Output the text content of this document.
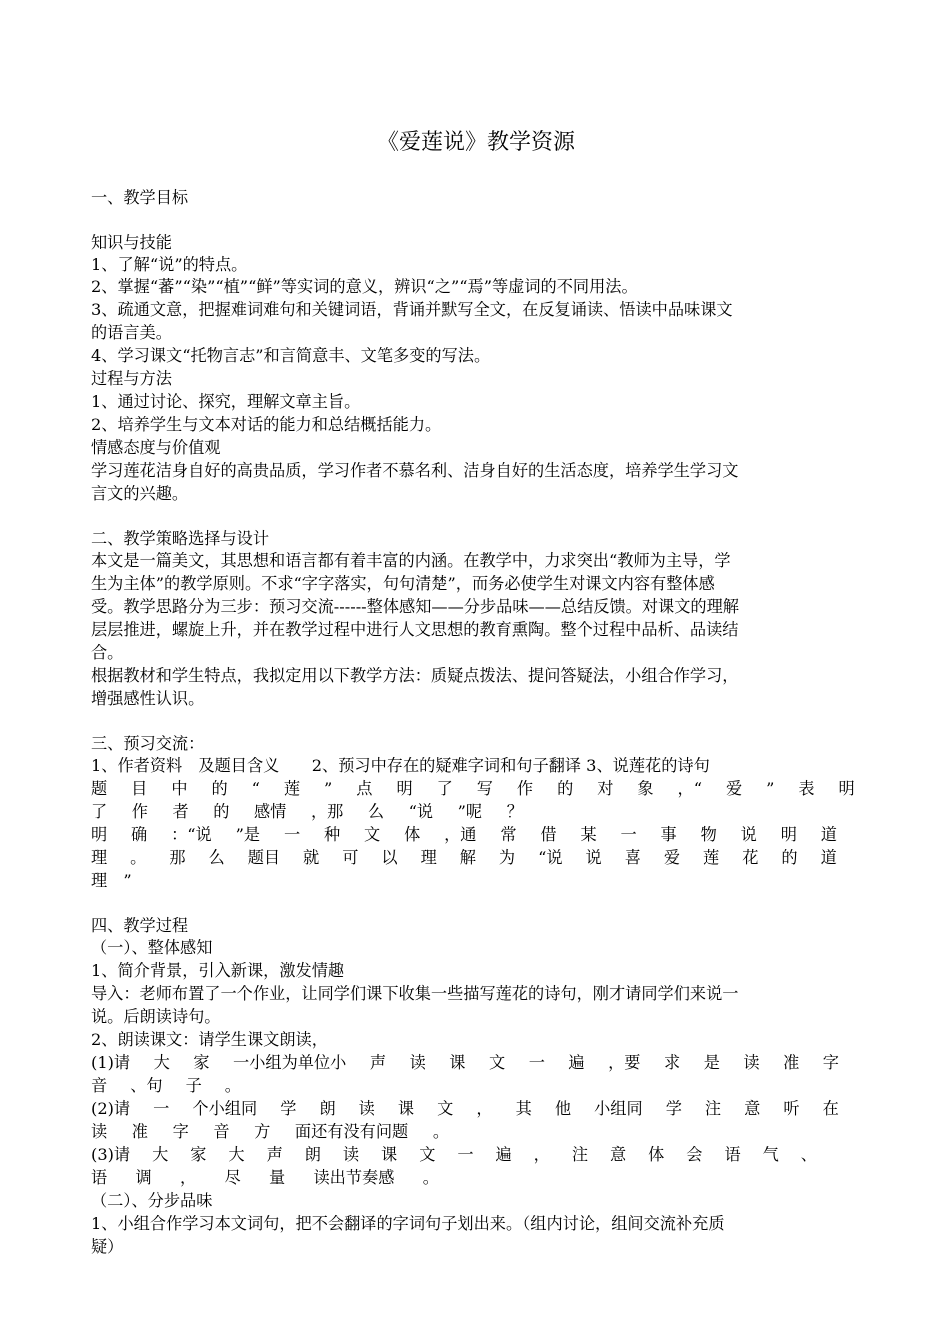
《爱莲说》教学资源
一、教学目标
知识与技能
1、了解“说”的特点。
2、掌握“蕃”“染”“植”“鲜”等实词的意义，辨识“之”“焉”等虚词的不同用法。
3、疏通文意，把握难词难句和关键词语，背诵并默写全文，在反复诵读、悟读中品味课文
的语言美。
4、学习课文“托物言志”和言简意丰、文笔多变的写法。
过程与方法
1、通过讨论、探究，理解文章主旨。
2、培养学生与文本对话的能力和总结概括能力。
情感态度与价值观
学习莲花洁身自好的高贵品质，学习作者不慕名利、洁身自好的生活态度，培养学生学习文
言文的兴趣。
二、教学策略选择与设计
本文是一篇美文，其思想和语言都有着丰富的内涵。在教学中，力求突出“教师为主导，学
生为主体”的教学原则。不求“字字落实，句句清楚”，而务必使学生对课文内容有整体感
受。教学思路分为三步：预习交流------整体感知——分步品味——总结反馈。对课文的理解
层层推进，螺旋上升，并在教学过程中进行人文思想的教育熏陶。整个过程中品析、品读结
合。
根据教材和学生特点，我拟定用以下教学方法：质疑点拨法、提问答疑法，小组合作学习，
增强感性认识。
三、预习交流：
1、作者资料　及题目含义　　2、预习中存在的疑难字词和句子翻译 3、说莲花的诗句
题 目 中 的 “ 莲 ” 点 明 了 写 作 的 对 象 ，“ 爱 ” 表 明
了 作 者 的 感情 ，那 么 “说 ”呢 ？
明 确 ：“说 ”是 一 种 文 体 ，通 常 借 某 一 事 物 说 明 道
理 。 那 么 题目 就 可 以 理 解 为 “说 说 喜 爱 莲 花 的 道
理　”
四、教学过程
（一）、整体感知
1、简介背景，引入新课，激发情趣
导入：老师布置了一个作业，让同学们课下收集一些描写莲花的诗句，刚才请同学们来说一
说。后朗读诗句。
2、朗读课文：请学生课文朗读，
(1)请 大 家 一小组为单位小 声 读 课 文 一 遍 ，要 求 是 读 准 字
音 、句 子 。
(2)请 一 个小组同 学 朗 读 课 文 ， 其 他 小组同 学 注 意 听 在
读 准 字 音 方 面还有没有问题 。
(3)请 大 家 大 声 朗 读 课 文 一 遍 ， 注 意 体 会 语 气 、
语 调 ， 尽 量 读出节奏感 。
（二）、分步品味
1、小组合作学习本文词句，把不会翻译的字词句子划出来。（组内讨论，组间交流补充质
疑）
